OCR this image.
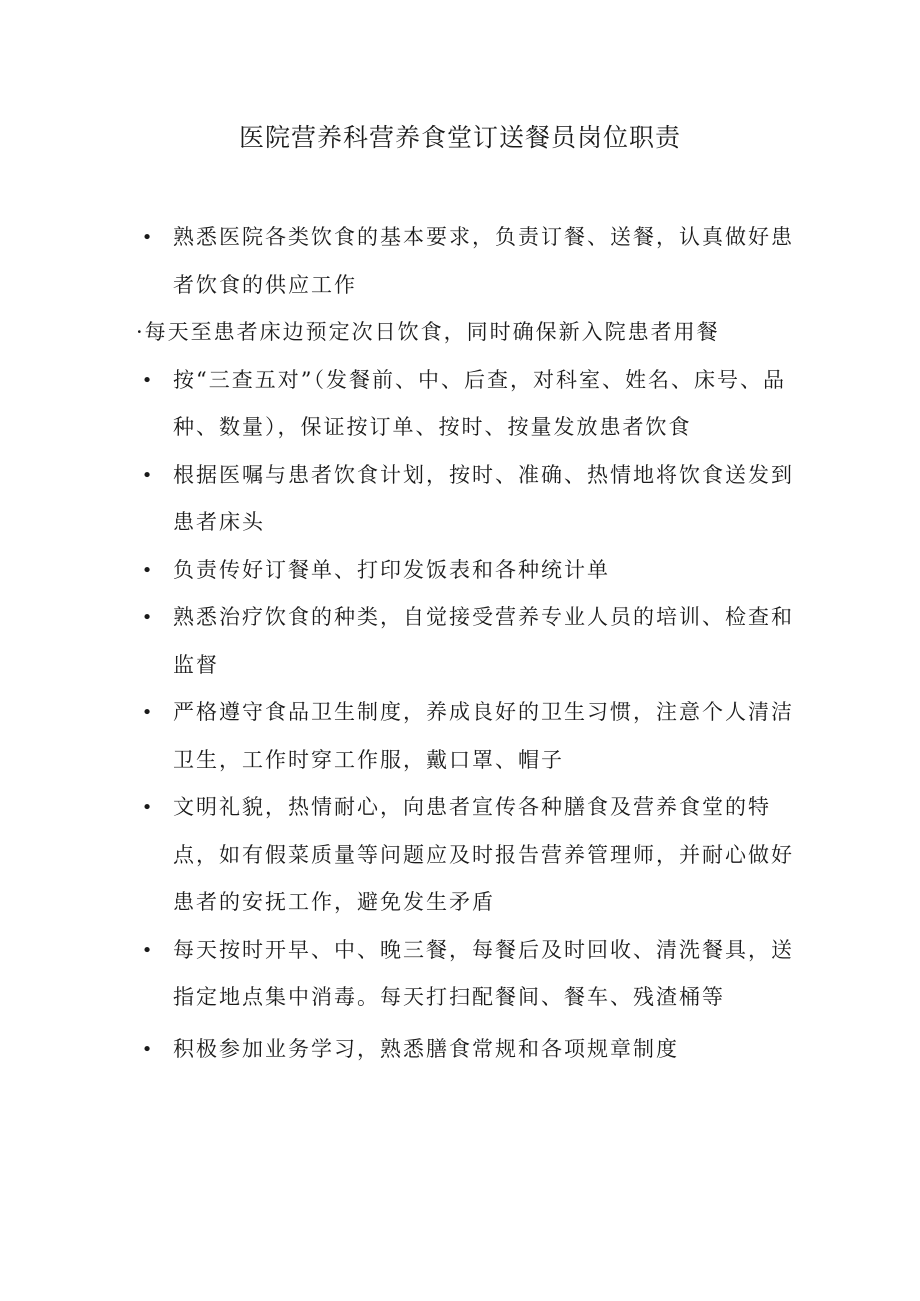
医院营养科营养食堂订送餐员岗位职责
• 熟悉医院各类饮食的基本要求，负责订餐、送餐，认真做好患者饮食的供应工作
·每天至患者床边预定次日饮食，同时确保新入院患者用餐
• 按“三查五对”（发餐前、中、后查，对科室、姓名、床号、品种、数量），保证按订单、按时、按量发放患者饮食
• 根据医嘱与患者饮食计划，按时、准确、热情地将饮食送发到患者床头
• 负责传好订餐单、打印发饭表和各种统计单
• 熟悉治疗饮食的种类，自觉接受营养专业人员的培训、检查和监督
• 严格遵守食品卫生制度，养成良好的卫生习惯，注意个人清洁卫生，工作时穿工作服，戴口罩、帽子
• 文明礼貌，热情耐心，向患者宣传各种膳食及营养食堂的特点，如有假菜质量等问题应及时报告营养管理师，并耐心做好患者的安抚工作，避免发生矛盾
• 每天按时开早、中、晚三餐，每餐后及时回收、清洗餐具，送指定地点集中消毒。每天打扫配餐间、餐车、残渣桶等
• 积极参加业务学习，熟悉膳食常规和各项规章制度
